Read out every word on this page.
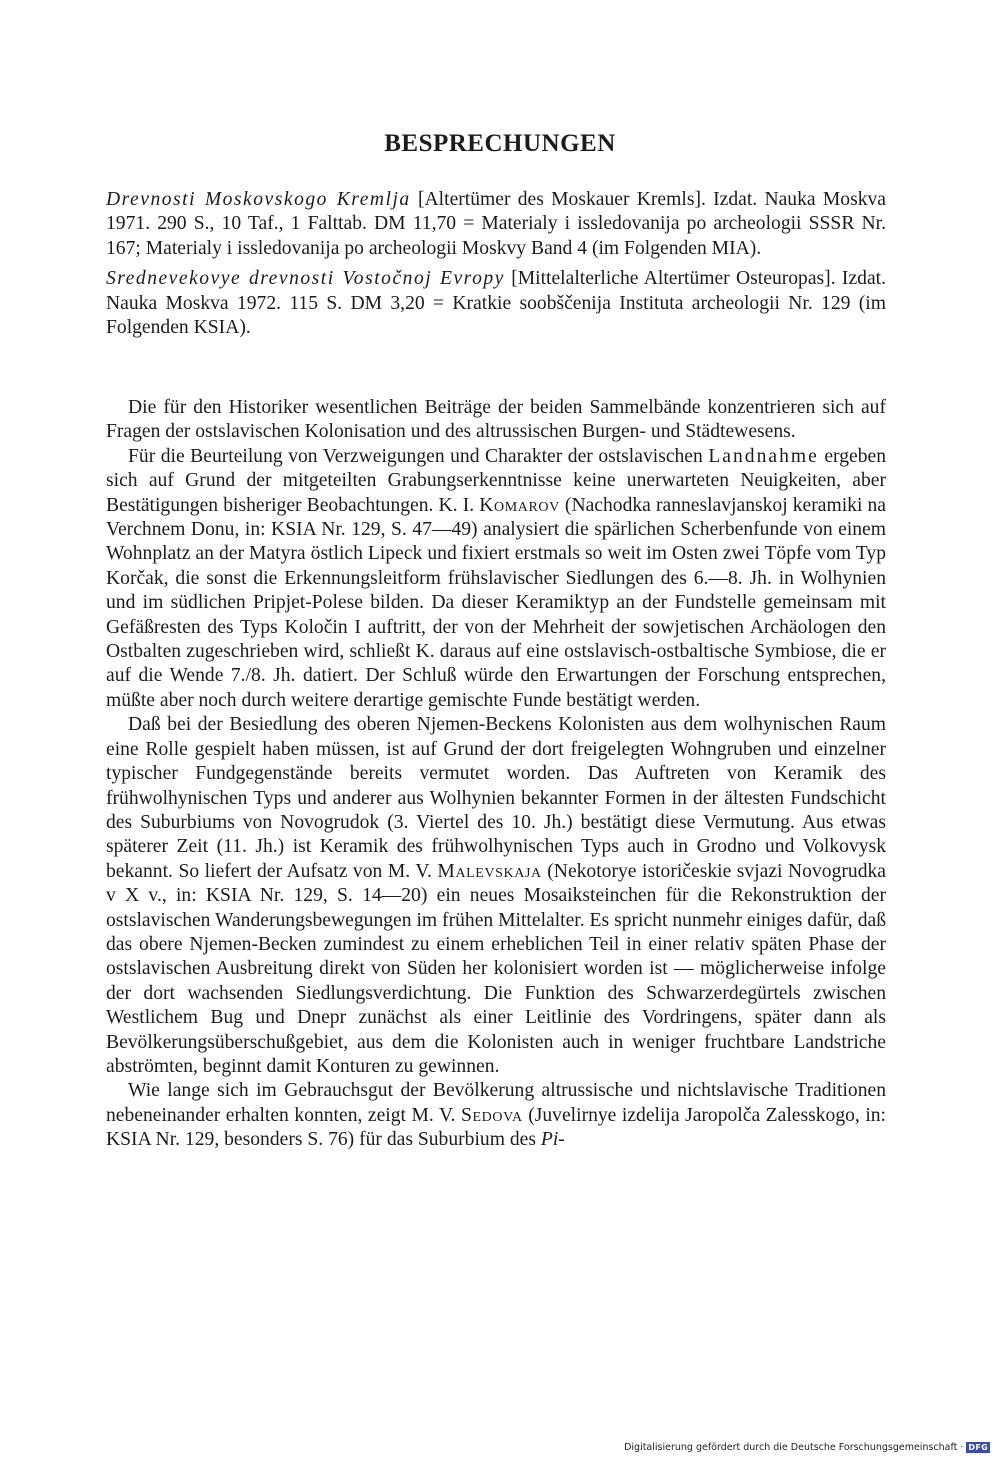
BESPRECHUNGEN

Drevnosti Moskovskogo Kremlja [Altertümer des Moskauer Kremls]. Izdat. Nauka Moskva 1971. 290 S., 10 Taf., 1 Falttab. DM 11,70 = Materialy i issledovanija po archeologii SSSR Nr. 167; Materialy i issledovanija po archeologii Moskvy Band 4 (im Folgenden MIA).

Srednevekovye drevnosti Vostočnoj Evropy [Mittelalterliche Altertümer Osteuropas]. Izdat. Nauka Moskva 1972. 115 S. DM 3,20 = Kratkie soobščenija Instituta archeologii Nr. 129 (im Folgenden KSIA).

Die für den Historiker wesentlichen Beiträge der beiden Sammelbände konzentrieren sich auf Fragen der ostslavischen Kolonisation und des altrussischen Burgen- und Städtewesens.

Für die Beurteilung von Verzweigungen und Charakter der ostslavischen Landnahme ergeben sich auf Grund der mitgeteilten Grabungserkenntnisse keine unerwarteten Neuigkeiten, aber Bestätigungen bisheriger Beobachtungen. K. I. Komarov (Nachodka ranneslavjanskoj keramiki na Verchnem Donu, in: KSIA Nr. 129, S. 47—49) analysiert die spärlichen Scherbenfunde von einem Wohnplatz an der Matyra östlich Lipeck und fixiert erstmals so weit im Osten zwei Töpfe vom Typ Korčak, die sonst die Erkennungsleitform frühslavischer Siedlungen des 6.—8. Jh. in Wolhynien und im südlichen Pripjet-Polese bilden. Da dieser Keramiktyp an der Fundstelle gemeinsam mit Gefäßresten des Typs Koločin I auftritt, der von der Mehrheit der sowjetischen Archäologen den Ostbalten zugeschrieben wird, schließt K. daraus auf eine ostslavisch-ostbaltische Symbiose, die er auf die Wende 7./8. Jh. datiert. Der Schluß würde den Erwartungen der Forschung entsprechen, müßte aber noch durch weitere derartige gemischte Funde bestätigt werden.

Daß bei der Besiedlung des oberen Njemen-Beckens Kolonisten aus dem wolhynischen Raum eine Rolle gespielt haben müssen, ist auf Grund der dort freigelegten Wohngruben und einzelner typischer Fundgegenstände bereits vermutet worden. Das Auftreten von Keramik des frühwolhynischen Typs und anderer aus Wolhynien bekannter Formen in der ältesten Fundschicht des Suburbiums von Novogrudok (3. Viertel des 10. Jh.) bestätigt diese Vermutung. Aus etwas späterer Zeit (11. Jh.) ist Keramik des frühwolhynischen Typs auch in Grodno und Volkovysk bekannt. So liefert der Aufsatz von M. V. Malevskaja (Nekotorye istoričeskie svjazi Novogrudka v X v., in: KSIA Nr. 129, S. 14—20) ein neues Mosaiksteinchen für die Rekonstruktion der ostslavischen Wanderungsbewegungen im frühen Mittelalter. Es spricht nunmehr einiges dafür, daß das obere Njemen-Becken zumindest zu einem erheblichen Teil in einer relativ späten Phase der ostslavischen Ausbreitung direkt von Süden her kolonisiert worden ist — möglicherweise infolge der dort wachsenden Siedlungsverdichtung. Die Funktion des Schwarzerdegürtels zwischen Westlichem Bug und Dnepr zunächst als einer Leitlinie des Vordringens, später dann als Bevölkerungsüberschußgebiet, aus dem die Kolonisten auch in weniger fruchtbare Landstriche abströmten, beginnt damit Konturen zu gewinnen.

Wie lange sich im Gebrauchsgut der Bevölkerung altrussische und nichtslavische Traditionen nebeneinander erhalten konnten, zeigt M. V. Sedova (Juvelirnye izdelija Jaropolča Zalesskogo, in: KSIA Nr. 129, besonders S. 76) für das Suburbium des Pi-

Digitalisierung gefördert durch die Deutsche Forschungsgemeinschaft · DFG
